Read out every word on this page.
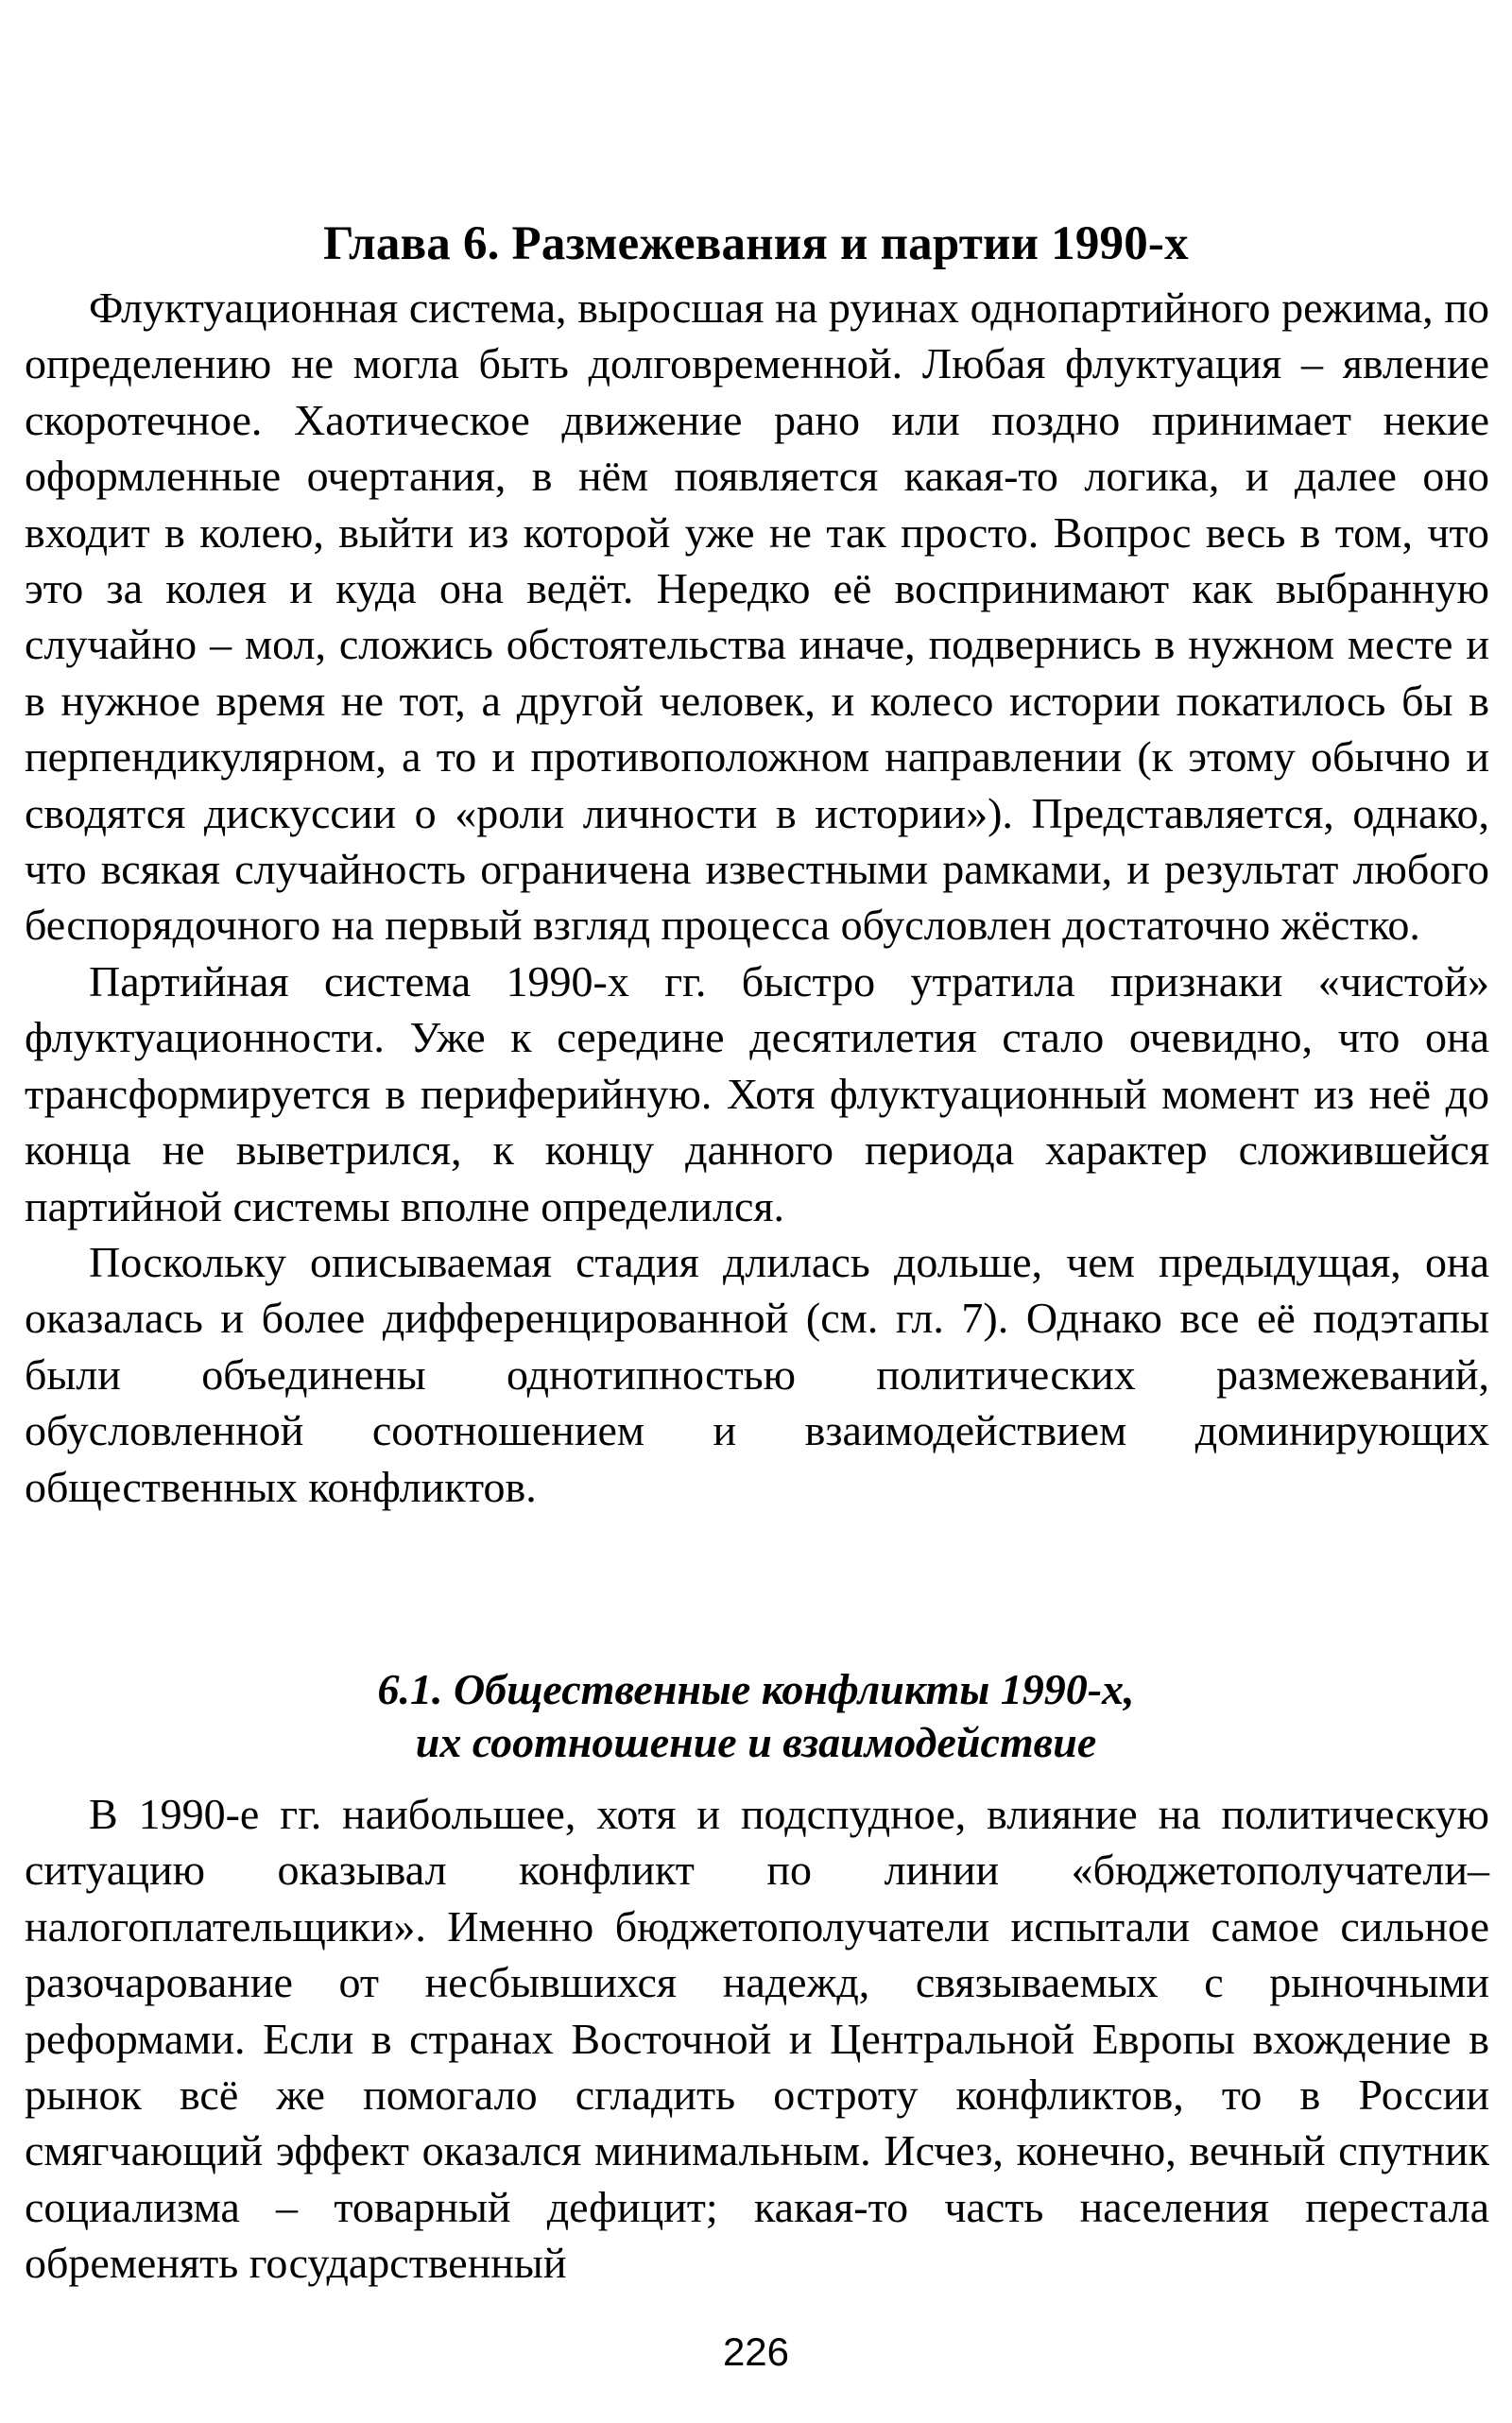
Глава 6. Размежевания и партии 1990-х

Флуктуационная система, выросшая на руинах однопартийного режима, по определению не могла быть долговременной. Любая флуктуация – явление скоротечное. Хаотическое движение рано или поздно принимает некие оформленные очертания, в нём появляется какая-то логика, и далее оно входит в колею, выйти из которой уже не так просто. Вопрос весь в том, что это за колея и куда она ведёт. Нередко её воспринимают как выбранную случайно – мол, сложись обстоятельства иначе, подвернись в нужном месте и в нужное время не тот, а другой человек, и колесо истории покатилось бы в перпендикулярном, а то и противоположном направлении (к этому обычно и сводятся дискуссии о «роли личности в истории»). Представляется, однако, что всякая случайность ограничена известными рамками, и результат любого беспорядочного на первый взгляд процесса обусловлен достаточно жёстко.

Партийная система 1990-х гг. быстро утратила признаки «чистой» флуктуационности. Уже к середине десятилетия стало очевидно, что она трансформируется в периферийную. Хотя флуктуационный момент из неё до конца не выветрился, к концу данного периода характер сложившейся партийной системы вполне определился.

Поскольку описываемая стадия длилась дольше, чем предыдущая, она оказалась и более дифференцированной (см. гл. 7). Однако все её подэтапы были объединены однотипностью политических размежеваний, обусловленной соотношением и взаимодействием доминирующих общественных конфликтов.

6.1. Общественные конфликты 1990-х,
их соотношение и взаимодействие

В 1990-е гг. наибольшее, хотя и подспудное, влияние на политическую ситуацию оказывал конфликт по линии «бюджетополучатели–налогоплательщики». Именно бюджетополучатели испытали самое сильное разочарование от несбывшихся надежд, связываемых с рыночными реформами. Если в странах Восточной и Центральной Европы вхождение в рынок всё же помогало сгладить остроту конфликтов, то в России смягчающий эффект оказался минимальным. Исчез, конечно, вечный спутник социализма – товарный дефицит; какая-то часть населения перестала обременять государственный

226
